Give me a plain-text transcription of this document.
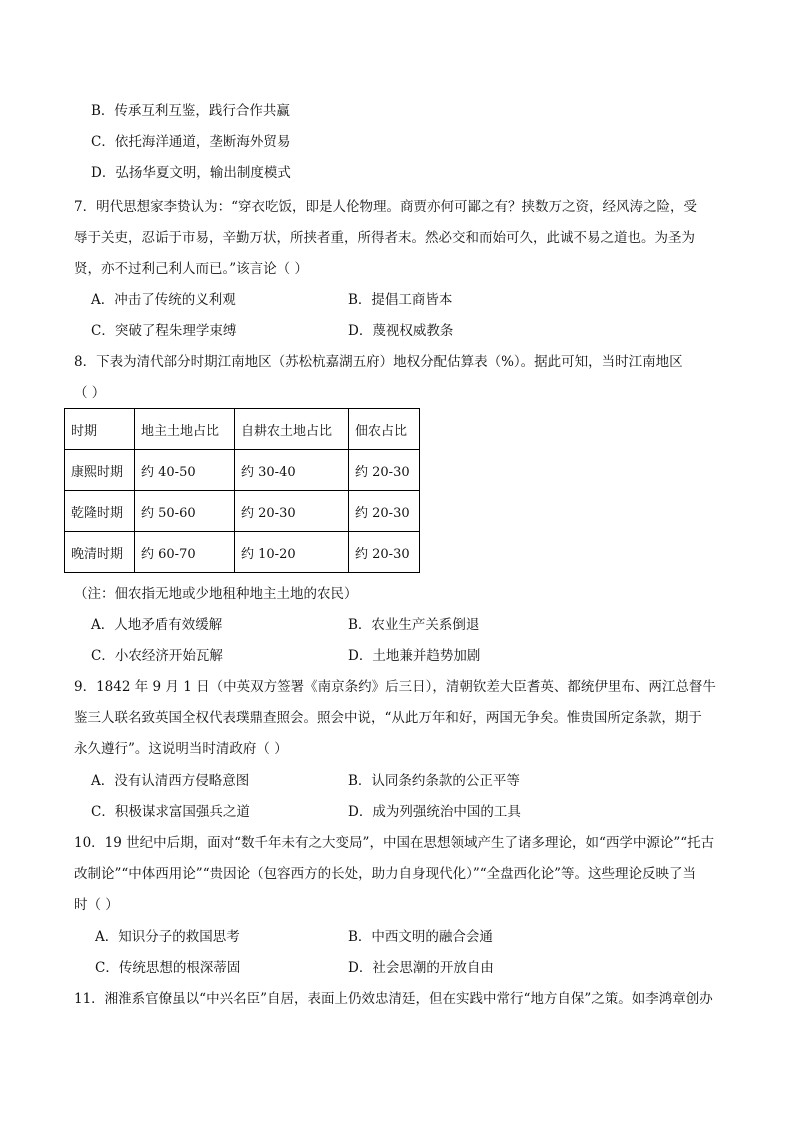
B．传承互利互鉴，践行合作共赢
C．依托海洋通道，垄断海外贸易
D．弘扬华夏文明，输出制度模式
7．明代思想家李贽认为：“穿衣吃饭，即是人伦物理。商贾亦何可鄙之有？挟数万之资，经风涛之险，受
辱于关吏，忍诟于市易，辛勤万状，所挟者重，所得者末。然必交和而始可久，此诚不易之道也。为圣为
贤，亦不过利己利人而已。”该言论（ ）
A．冲击了传统的义利观	B．提倡工商皆本
C．突破了程朱理学束缚	D．蔑视权威教条
8．下表为清代部分时期江南地区（苏松杭嘉湖五府）地权分配估算表（%）。据此可知，当时江南地区
（ ）
时期	地主土地占比	自耕农土地占比	佃农占比
康熙时期	约 40-50	约 30-40	约 20-30
乾隆时期	约 50-60	约 20-30	约 20-30
晚清时期	约 60-70	约 10-20	约 20-30
（注：佃农指无地或少地租种地主土地的农民）
A．人地矛盾有效缓解	B．农业生产关系倒退
C．小农经济开始瓦解	D．土地兼并趋势加剧
9．1842 年 9 月 1 日（中英双方签署《南京条约》后三日），清朝钦差大臣耆英、都统伊里布、两江总督牛
鉴三人联名致英国全权代表璞鼎查照会。照会中说，“从此万年和好，两国无争矣。惟贵国所定条款，期于
永久遵行”。这说明当时清政府（ ）
A．没有认清西方侵略意图	B．认同条约条款的公正平等
C．积极谋求富国强兵之道	D．成为列强统治中国的工具
10．19 世纪中后期，面对“数千年未有之大变局”，中国在思想领域产生了诸多理论，如“西学中源论”“托古
改制论”“中体西用论”“贵因论（包容西方的长处，助力自身现代化）”“全盘西化论”等。这些理论反映了当
时（ ）
A．知识分子的救国思考	B．中西文明的融合会通
C．传统思想的根深蒂固	D．社会思潮的开放自由
11．湘淮系官僚虽以“中兴名臣”自居，表面上仍效忠清廷，但在实践中常行“地方自保”之策。如李鸿章创办
